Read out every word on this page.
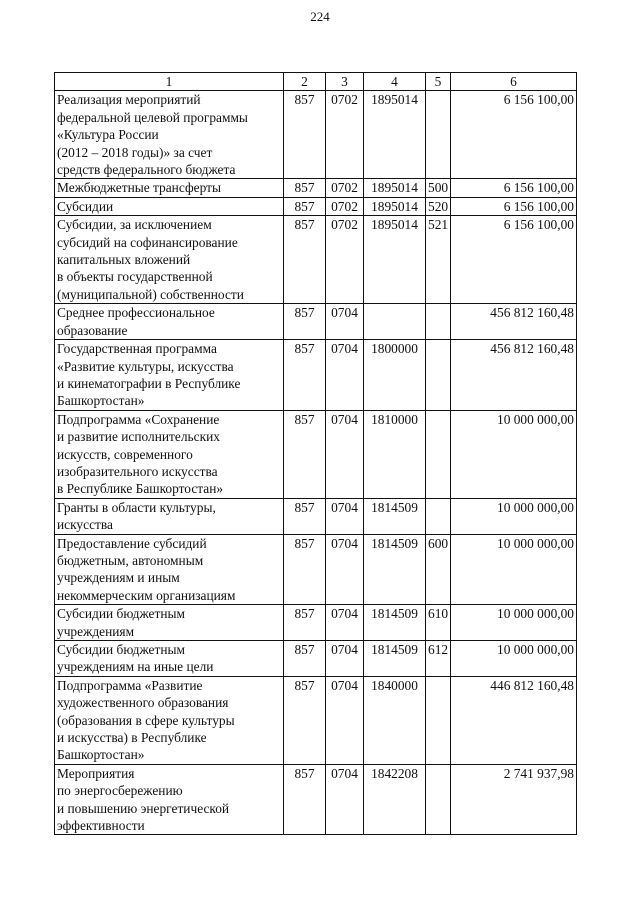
224
1	2	3	4	5	6
Реализация мероприятий
федеральной целевой программы
«Культура России
(2012 – 2018 годы)» за счет
средств федерального бюджета	857	0702	1895014		6 156 100,00
Межбюджетные трансферты	857	0702	1895014	500	6 156 100,00
Субсидии	857	0702	1895014	520	6 156 100,00
Субсидии, за исключением
субсидий на софинансирование
капитальных вложений
в объекты государственной
(муниципальной) собственности	857	0702	1895014	521	6 156 100,00
Среднее профессиональное
образование	857	0704			456 812 160,48
Государственная программа
«Развитие культуры, искусства
и кинематографии в Республике
Башкортостан»	857	0704	1800000		456 812 160,48
Подпрограмма «Сохранение
и развитие исполнительских
искусств, современного
изобразительного искусства
в Республике Башкортостан»	857	0704	1810000		10 000 000,00
Гранты в области культуры,
искусства	857	0704	1814509		10 000 000,00
Предоставление субсидий
бюджетным, автономным
учреждениям и иным
некоммерческим организациям	857	0704	1814509	600	10 000 000,00
Субсидии бюджетным
учреждениям	857	0704	1814509	610	10 000 000,00
Субсидии бюджетным
учреждениям на иные цели	857	0704	1814509	612	10 000 000,00
Подпрограмма «Развитие
художественного образования
(образования в сфере культуры
и искусства) в Республике
Башкортостан»	857	0704	1840000		446 812 160,48
Мероприятия
по энергосбережению
и повышению энергетической
эффективности	857	0704	1842208		2 741 937,98
